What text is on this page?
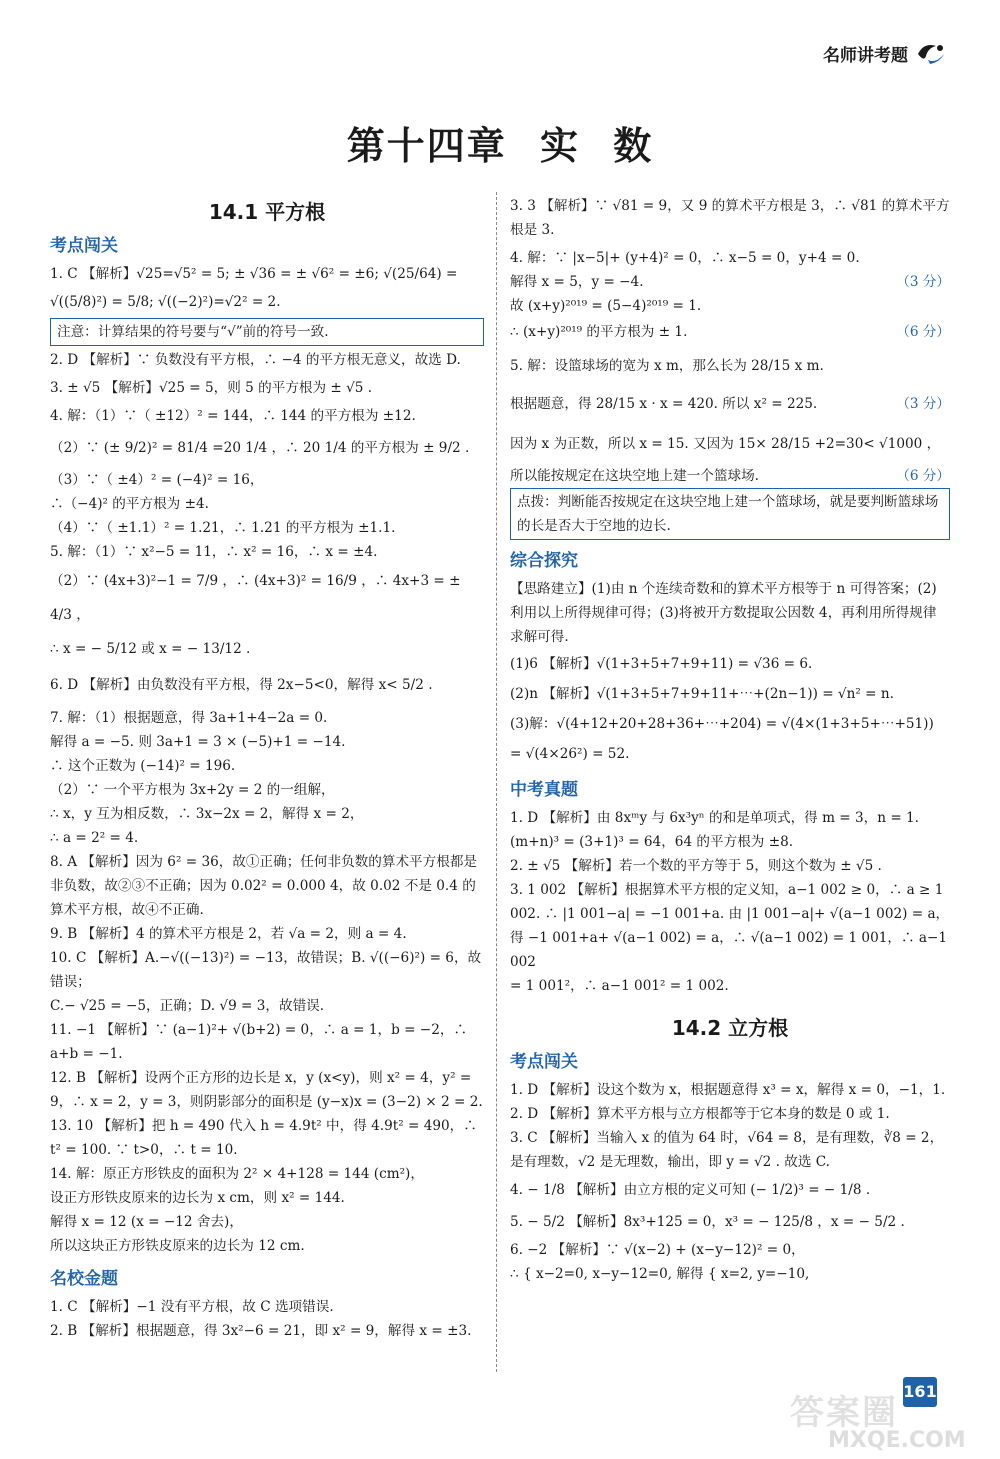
名师讲考题
第十四章 实 数
14.1 平方根
考点闯关

1. C 【解析】√25=√5² = 5; ± √36 = ± √6² = ±6; √(25/64) =

√((5/8)²) = 5/8; √((−2)²)=√2² = 2.

注意：计算结果的符号要与“√”前的符号一致.

2. D 【解析】∵ 负数没有平方根，∴ −4 的平方根无意义，故选 D.

3. ± √5 【解析】√25 = 5，则 5 的平方根为 ± √5 .

4. 解：（1）∵（ ±12）² = 144，∴ 144 的平方根为 ±12.

（2）∵ (± 9/2)² = 81/4 =20 1/4 ，∴ 20 1/4 的平方根为 ± 9/2 .

（3）∵（ ±4）² = (−4)² = 16，

∴（−4)² 的平方根为 ±4.

（4）∵（ ±1.1）² = 1.21，∴ 1.21 的平方根为 ±1.1.

5. 解：（1）∵ x²−5 = 11，∴ x² = 16，∴ x = ±4.

（2）∵ (4x+3)²−1 = 7/9 ，∴ (4x+3)² = 16/9 ，∴ 4x+3 = ± 4/3 ，

∴ x = − 5/12 或 x = − 13/12 .

6. D 【解析】由负数没有平方根，得 2x−5<0，解得 x< 5/2 .

7. 解：（1）根据题意，得 3a+1+4−2a = 0.

解得 a = −5. 则 3a+1 = 3 × (−5)+1 = −14.

∴ 这个正数为 (−14)² = 196.

（2）∵ 一个平方根为 3x+2y = 2 的一组解，

∴ x，y 互为相反数，∴ 3x−2x = 2，解得 x = 2，

∴ a = 2² = 4.

8. A 【解析】因为 6² = 36，故①正确；任何非负数的算术平方根都是非负数，故②③不正确；因为 0.02² = 0.000 4，故 0.02 不是 0.4 的算术平方根，故④不正确.

9. B 【解析】4 的算术平方根是 2，若 √a = 2，则 a = 4.

10. C 【解析】A.−√((−13)²) = −13，故错误；B. √((−6)²) = 6，故错误；

C.− √25 = −5，正确；D. √9 = 3，故错误.

11. −1 【解析】∵ (a−1)²+ √(b+2) = 0，∴ a = 1，b = −2，∴ a+b = −1.

12. B 【解析】设两个正方形的边长是 x，y (x<y)，则 x² = 4，y² = 9，∴ x = 2，y = 3，则阴影部分的面积是 (y−x)x = (3−2) × 2 = 2.

13. 10 【解析】把 h = 490 代入 h = 4.9t² 中，得 4.9t² = 490，∴ t² = 100. ∵ t>0，∴ t = 10.

14. 解：原正方形铁皮的面积为 2² × 4+128 = 144 (cm²)，

设正方形铁皮原来的边长为 x cm，则 x² = 144.

解得 x = 12 (x = −12 舍去)，

所以这块正方形铁皮原来的边长为 12 cm.

名校金题

1. C 【解析】−1 没有平方根，故 C 选项错误.

2. B 【解析】根据题意，得 3x²−6 = 21，即 x² = 9，解得 x = ±3.

3. 3 【解析】∵ √81 = 9，又 9 的算术平方根是 3，∴ √81 的算术平方根是 3.

4. 解：∵ |x−5|+ (y+4)² = 0，∴ x−5 = 0，y+4 = 0.

解得 x = 5，y = −4.	（3 分）

故 (x+y)²⁰¹⁹ = (5−4)²⁰¹⁹ = 1.

∴ (x+y)²⁰¹⁹ 的平方根为 ± 1.	（6 分）

5. 解：设篮球场的宽为 x m，那么长为 28/15 x m.

根据题意，得 28/15 x · x = 420. 所以 x² = 225.	（3 分）

因为 x 为正数，所以 x = 15. 又因为 15× 28/15 +2=30< √1000 ，

所以能按规定在这块空地上建一个篮球场.	（6 分）

点拨：判断能否按规定在这块空地上建一个篮球场，就是要判断篮球场的长是否大于空地的边长.
综合探究

【思路建立】(1)由 n 个连续奇数和的算术平方根等于 n 可得答案；(2)利用以上所得规律可得；(3)将被开方数提取公因数 4，再利用所得规律求解可得.

(1)6 【解析】√(1+3+5+7+9+11) = √36 = 6.

(2)n 【解析】√(1+3+5+7+9+11+⋯+(2n−1)) = √n² = n.

(3)解：√(4+12+20+28+36+⋯+204) = √(4×(1+3+5+⋯+51))

= √(4×26²) = 52.

中考真题

1. D 【解析】由 8xᵐy 与 6x³yⁿ 的和是单项式，得 m = 3，n = 1.

(m+n)³ = (3+1)³ = 64，64 的平方根为 ±8.

2. ± √5 【解析】若一个数的平方等于 5，则这个数为 ± √5 .

3. 1 002 【解析】根据算术平方根的定义知，a−1 002 ≥ 0，∴ a ≥ 1 002. ∴ |1 001−a| = −1 001+a. 由 |1 001−a|+ √(a−1 002) = a，

得 −1 001+a+ √(a−1 002) = a，∴ √(a−1 002) = 1 001，∴ a−1 002

= 1 001²，∴ a−1 001² = 1 002.

14.2 立方根
考点闯关

1. D 【解析】设这个数为 x，根据题意得 x³ = x，解得 x = 0，−1，1.

2. D 【解析】算术平方根与立方根都等于它本身的数是 0 或 1.

3. C 【解析】当输入 x 的值为 64 时，√64 = 8，是有理数，∛8 = 2，

是有理数，√2 是无理数，输出，即 y = √2 . 故选 C.

4. − 1/8 【解析】由立方根的定义可知 (− 1/2)³ = − 1/8 .

5. − 5/2 【解析】8x³+125 = 0，x³ = − 125/8 ，x = − 5/2 .

6. −2 【解析】∵ √(x−2) + (x−y−12)² = 0，

∴ { x−2=0, x−y−12=0, 解得 { x=2, y=−10,

答案圈
MXQE.COM
161
